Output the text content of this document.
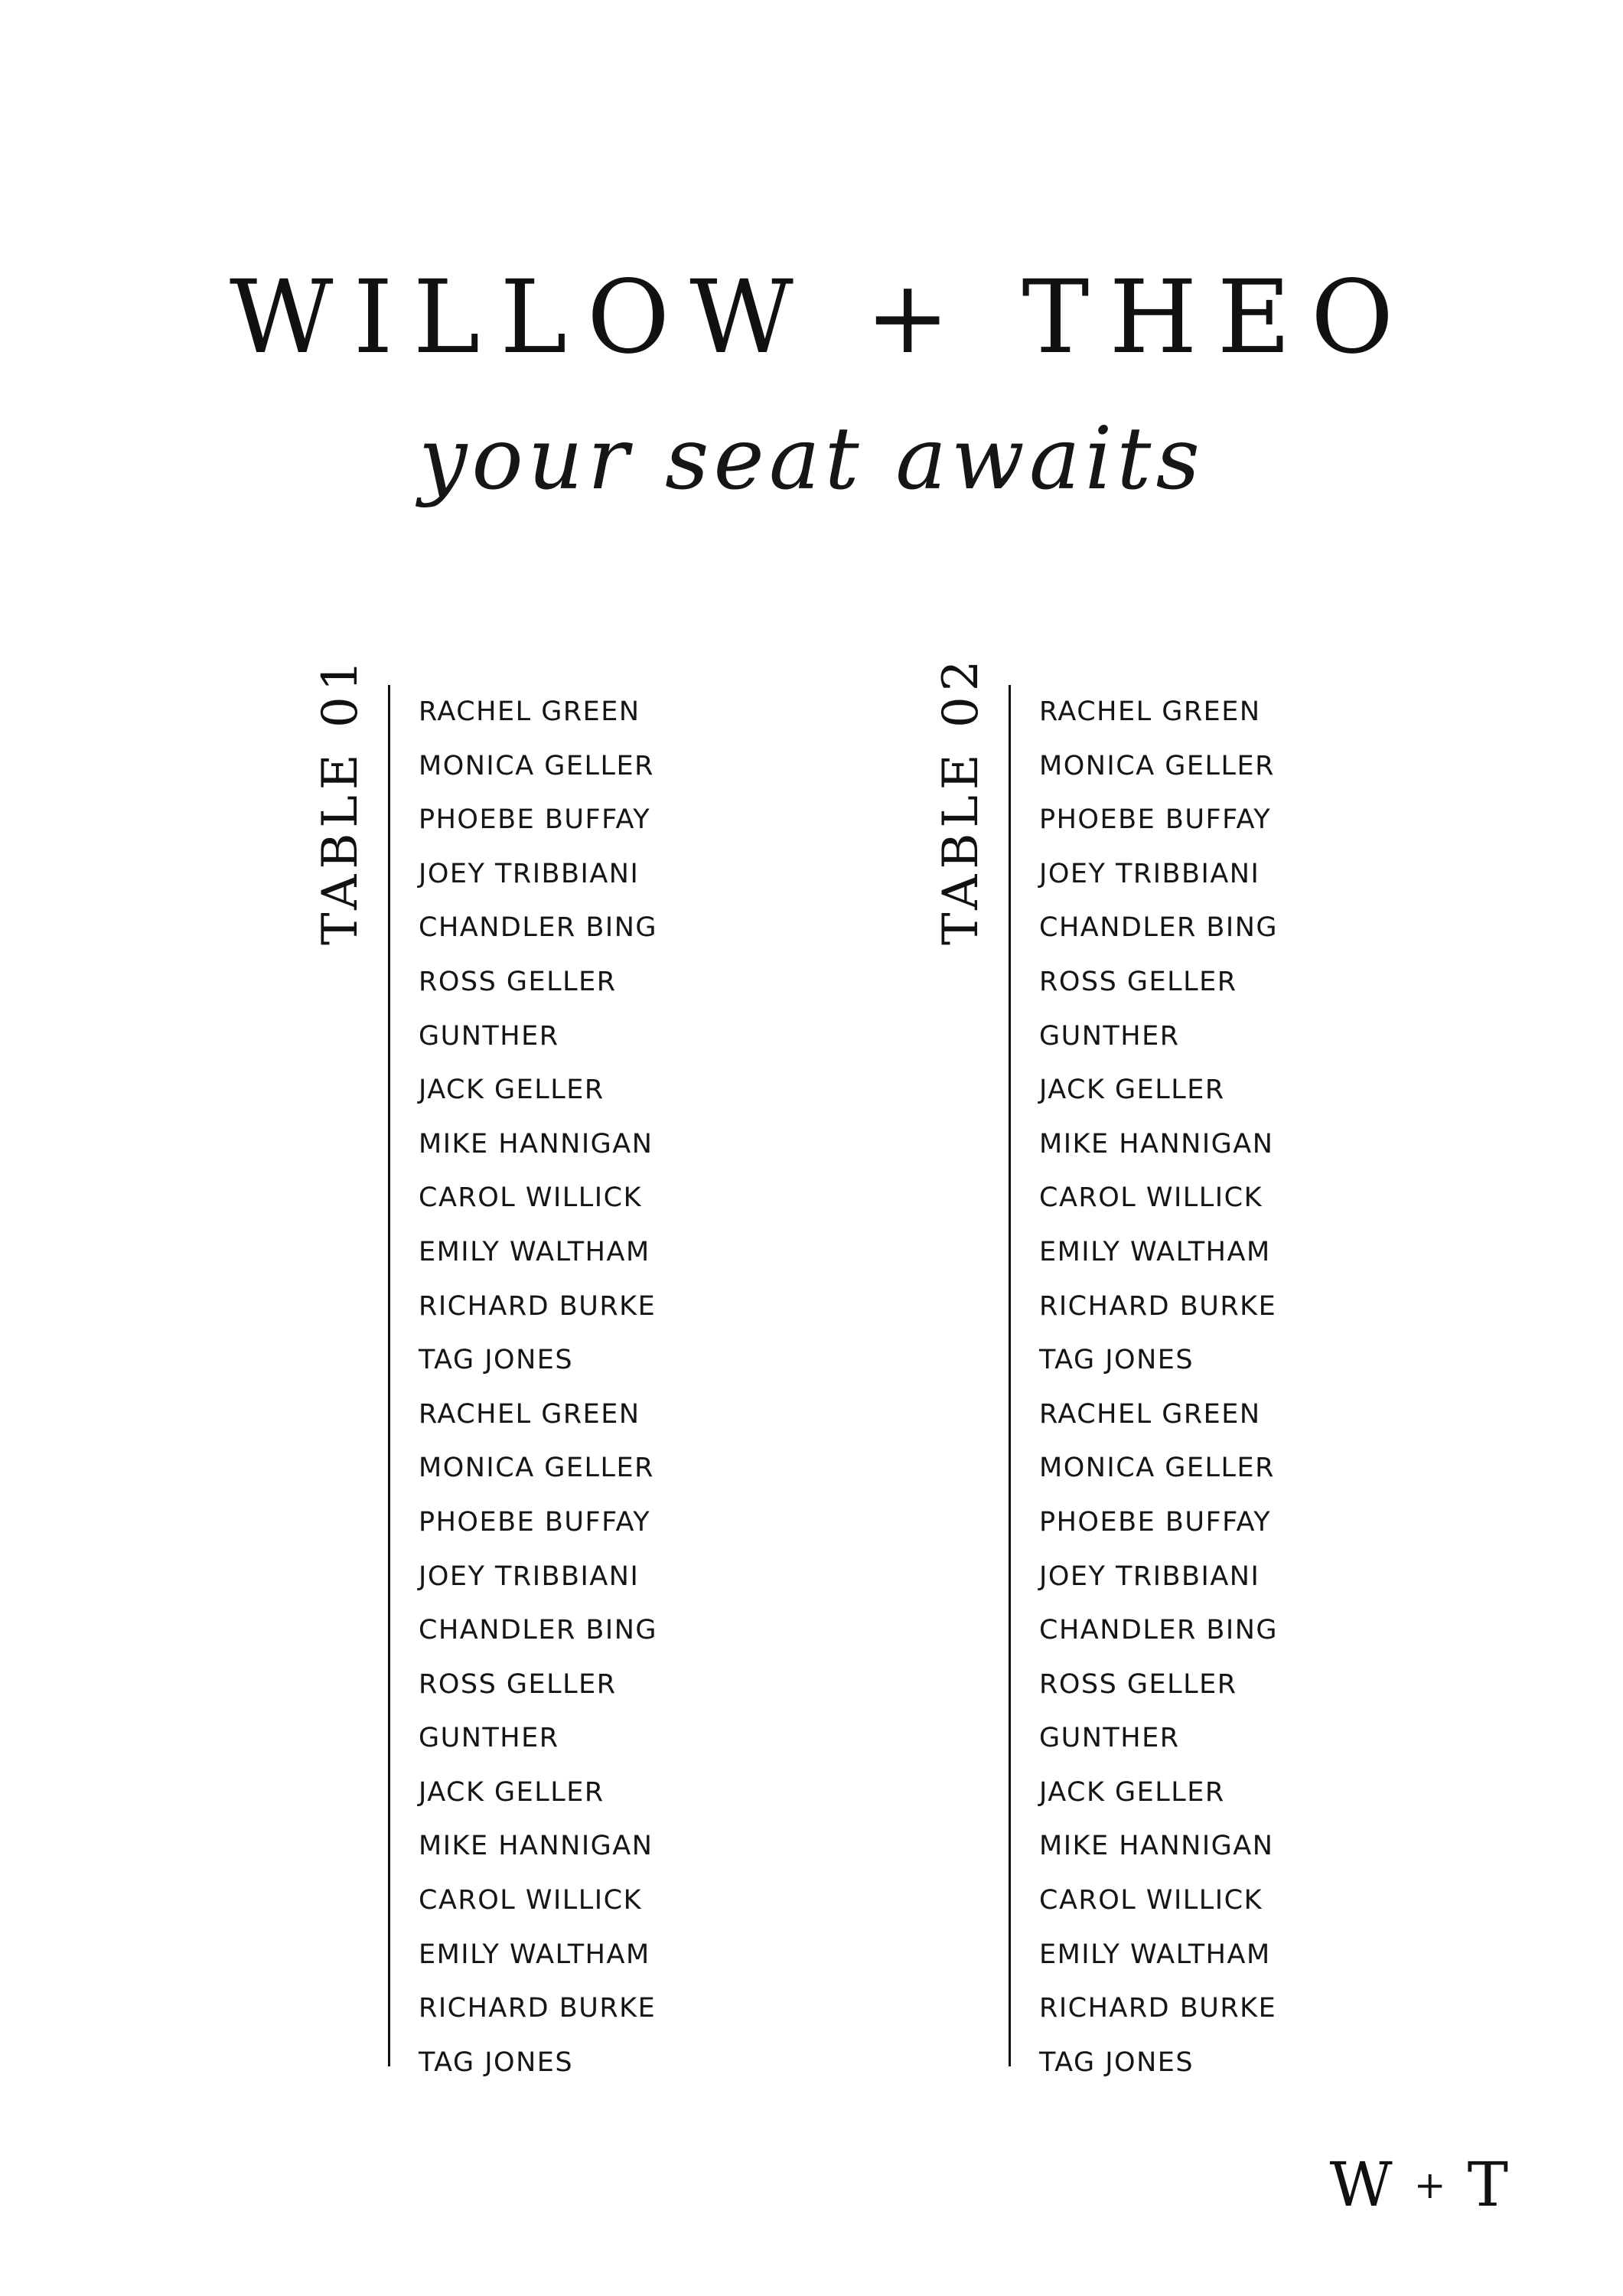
WILLOW + THEO
your seat awaits
TABLE 01 RACHEL GREEN
MONICA GELLER
PHOEBE BUFFAY
JOEY TRIBBIANI
CHANDLER BING
ROSS GELLER
GUNTHER
JACK GELLER
MIKE HANNIGAN
CAROL WILLICK
EMILY WALTHAM
RICHARD BURKE
TAG JONES
RACHEL GREEN
MONICA GELLER
PHOEBE BUFFAY
JOEY TRIBBIANI
CHANDLER BING
ROSS GELLER
GUNTHER
JACK GELLER
MIKE HANNIGAN
CAROL WILLICK
EMILY WALTHAM
RICHARD BURKE
TAG JONES
TABLE 02 RACHEL GREEN
MONICA GELLER
PHOEBE BUFFAY
JOEY TRIBBIANI
CHANDLER BING
ROSS GELLER
GUNTHER
JACK GELLER
MIKE HANNIGAN
CAROL WILLICK
EMILY WALTHAM
RICHARD BURKE
TAG JONES
RACHEL GREEN
MONICA GELLER
PHOEBE BUFFAY
JOEY TRIBBIANI
CHANDLER BING
ROSS GELLER
GUNTHER
JACK GELLER
MIKE HANNIGAN
CAROL WILLICK
EMILY WALTHAM
RICHARD BURKE
TAG JONES
W + T
